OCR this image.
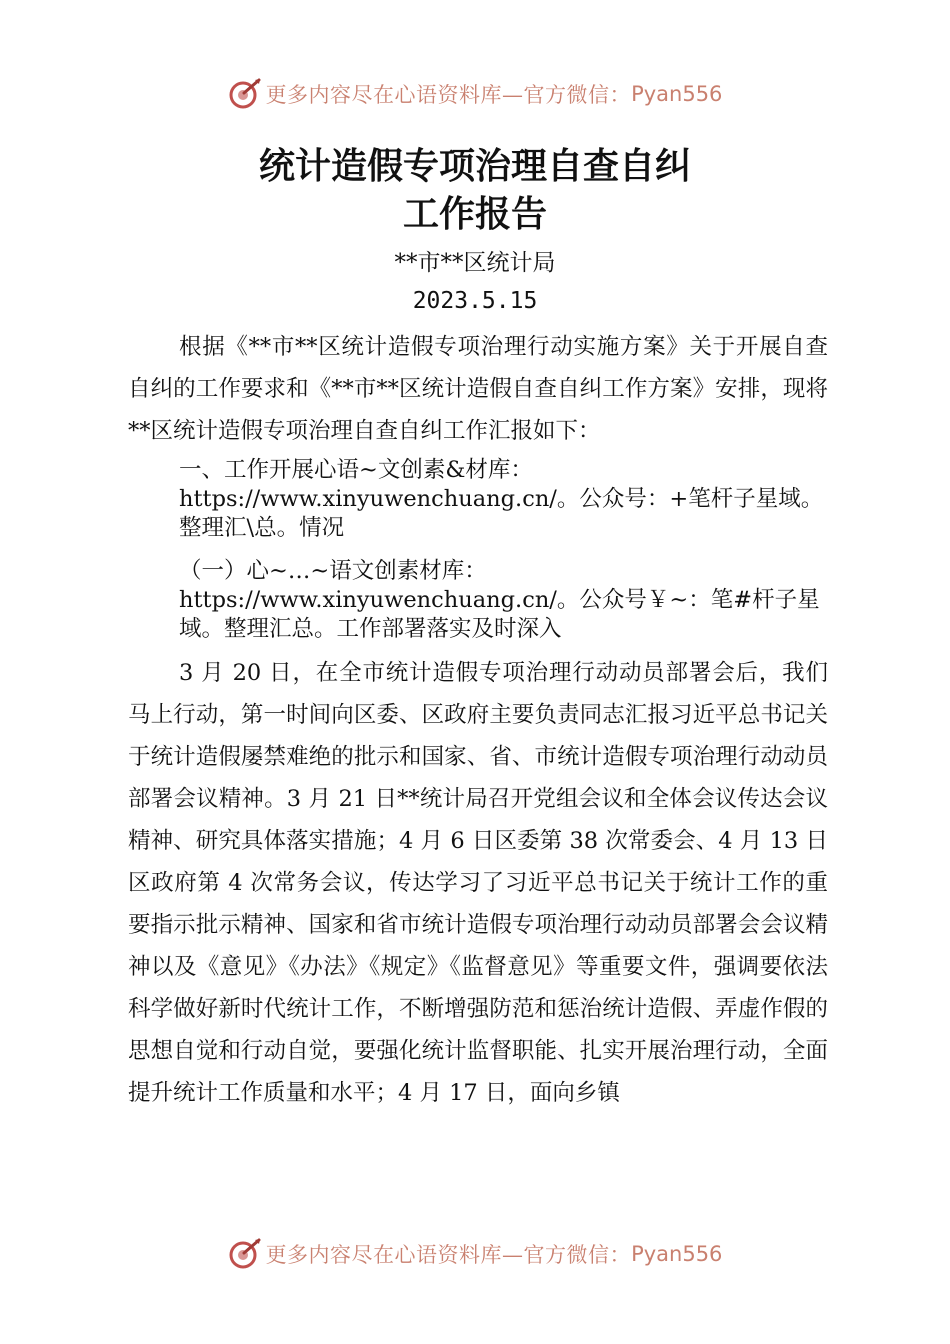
更多内容尽在心语资料库—官方微信： Pyan556
统计造假专项治理自查自纠
工作报告
**市**区统计局
2023.5.15

根据《**市**区统计造假专项治理行动实施方案》关于开展自查自纠的工作要求和《**市**区统计造假自查自纠工作方案》安排，现将**区统计造假专项治理自查自纠工作汇报如下：

一、工作开展心语~文创素&材库：https://www.xinyuwenchuang.cn/。公众号：+笔杆子星域。整理汇\总。情况

（一）心~…~语文创素材库：https://www.xinyuwenchuang.cn/。公众号￥~：笔#杆子星域。整理汇总。工作部署落实及时深入

3 月 20 日，在全市统计造假专项治理行动动员部署会后，我们马上行动，第一时间向区委、区政府主要负责同志汇报习近平总书记关于统计造假屡禁难绝的批示和国家、省、市统计造假专项治理行动动员部署会议精神。3 月 21 日**统计局召开党组会议和全体会议传达会议精神、研究具体落实措施；4 月 6 日区委第 38 次常委会、4 月 13 日区政府第 4 次常务会议，传达学习了习近平总书记关于统计工作的重要指示批示精神、国家和省市统计造假专项治理行动动员部署会会议精神以及《意见》《办法》《规定》《监督意见》等重要文件，强调要依法科学做好新时代统计工作，不断增强防范和惩治统计造假、弄虚作假的思想自觉和行动自觉，要强化统计监督职能、扎实开展治理行动，全面提升统计工作质量和水平；4 月 17 日，面向乡镇

更多内容尽在心语资料库—官方微信： Pyan556
